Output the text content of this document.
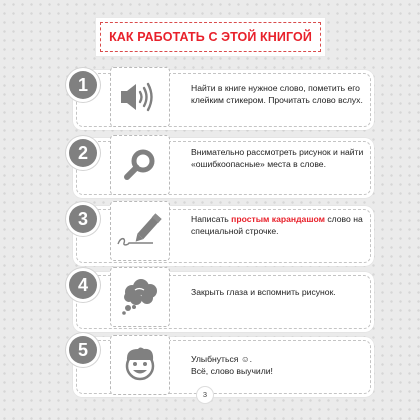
КАК РАБОТАТЬ С ЭТОЙ КНИГОЙ
1	Найти в книге нужное слово, пометить его клейким стикером. Прочитать слово вслух.
2	Внимательно рассмотреть рисунок и найти «ошибкоопасные» места в слове.
3	Написать простым карандашом слово на специальной строчке.
4	Закрыть глаза и вспомнить рисунок.
5	Улыбнуться ☺.
Всё, слово выучили!
3
